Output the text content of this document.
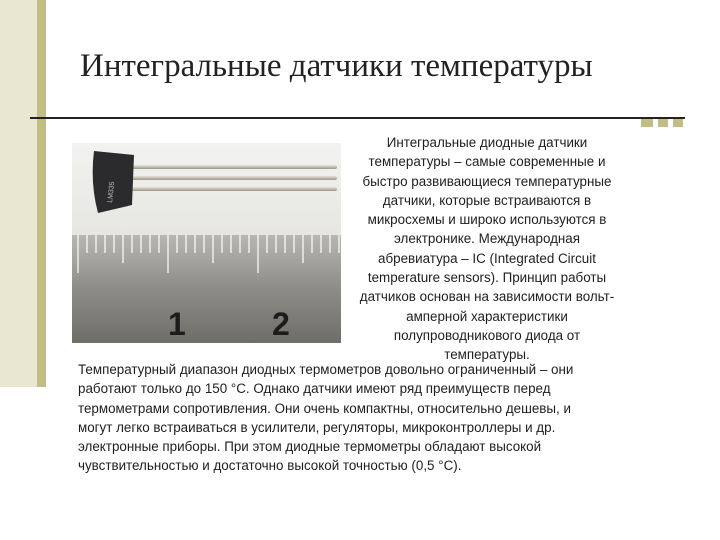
Интегральные датчики температуры
LM335
1	2
Интегральные диодные датчики
температуры – самые современные и
быстро развивающиеся температурные
датчики, которые встраиваются в
микросхемы и широко используются в
электронике. Международная
абревиатура – IC (Integrated Circuit
temperature sensors). Принцип работы
датчиков основан на зависимости вольт-
амперной характеристики
полупроводникового диода от
температуры.
Температурный диапазон диодных термометров довольно ограниченный – они
работают только до 150 °С. Однако датчики имеют ряд преимуществ перед
термометрами сопротивления. Они очень компактны, относительно дешевы, и
могут легко встраиваться в усилители, регуляторы, микроконтроллеры и др.
электронные приборы. При этом диодные термометры обладают высокой
чувствительностью и достаточно высокой точностью (0,5 °С).
